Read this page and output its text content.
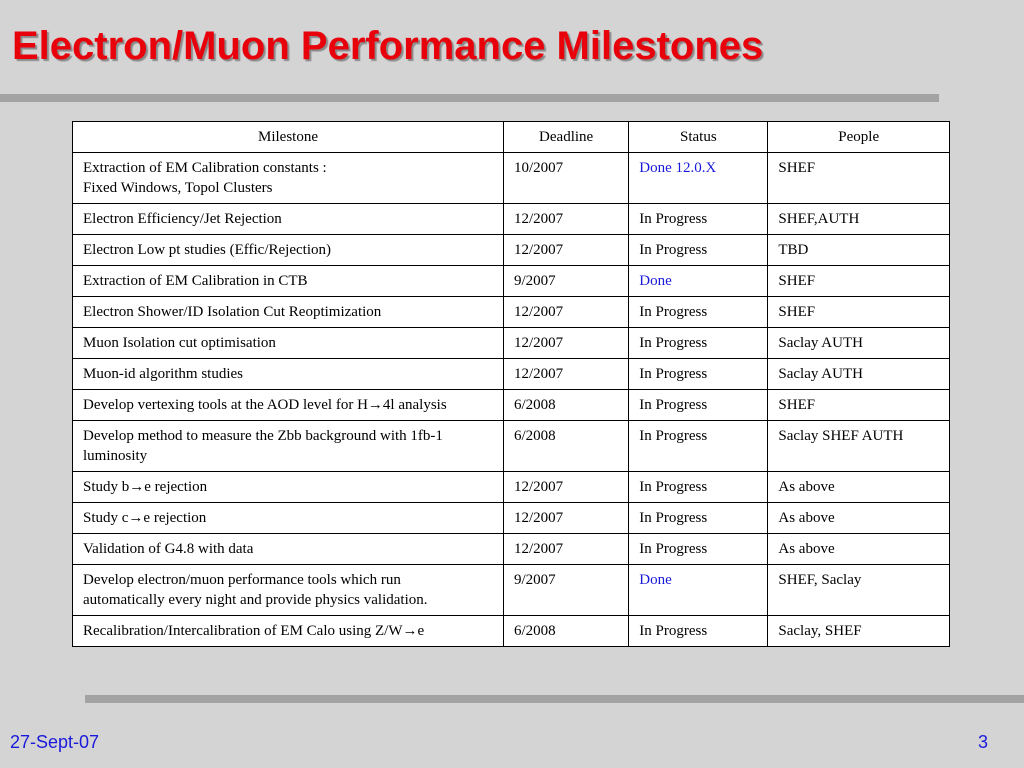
Electron/Muon Performance Milestones
Milestone	Deadline	Status	People

Extraction of EM Calibration constants :
Fixed Windows, Topol Clusters	10/2007	Done 12.0.X	SHEF

Electron Efficiency/Jet Rejection	12/2007	In Progress	SHEF,AUTH

Electron Low pt studies (Effic/Rejection)	12/2007	In Progress	TBD

Extraction of EM Calibration in CTB	9/2007	Done	SHEF

Electron Shower/ID Isolation Cut Reoptimization	12/2007	In Progress	SHEF

Muon Isolation cut optimisation	12/2007	In Progress	Saclay AUTH

Muon-id algorithm studies	12/2007	In Progress	Saclay AUTH

Develop vertexing tools at the AOD level for H→4l analysis	6/2008	In Progress	SHEF

Develop method to measure the Zbb background with 1fb-1
luminosity	6/2008	In Progress	Saclay SHEF AUTH

Study b→e rejection	12/2007	In Progress	As above

Study c→e rejection	12/2007	In Progress	As above

Validation of G4.8 with data	12/2007	In Progress	As above

Develop electron/muon performance tools which run
automatically every night and provide physics validation.	9/2007	Done	SHEF, Saclay

Recalibration/Intercalibration of EM Calo using Z/W→e	6/2008	In Progress	Saclay, SHEF
27-Sept-07	3
